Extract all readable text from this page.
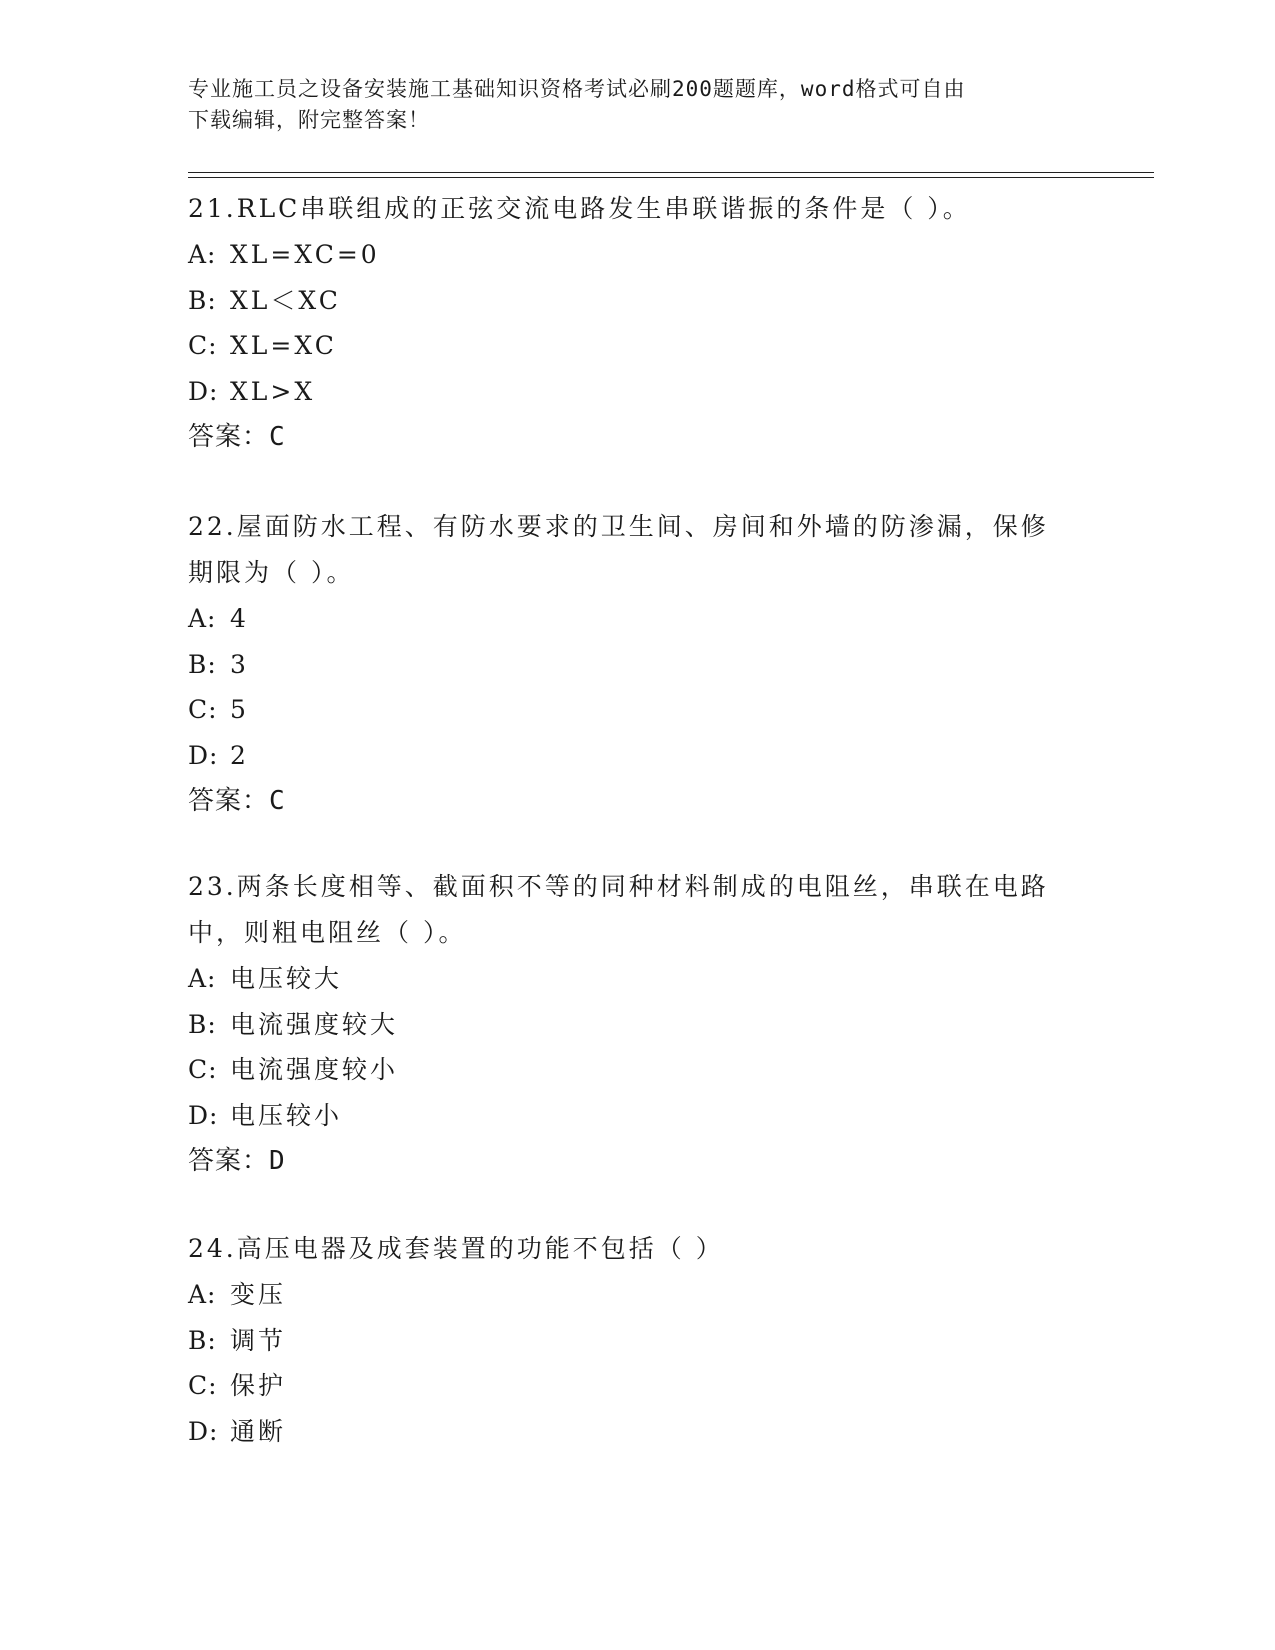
专业施工员之设备安装施工基础知识资格考试必刷200题题库，word格式可自由
下载编辑，附完整答案！

21.RLC串联组成的正弦交流电路发生串联谐振的条件是（ ）。

A: XL=XC=0

B: XL＜XC

C: XL=XC

D: XL>X

答案：C

22.屋面防水工程、有防水要求的卫生间、房间和外墙的防渗漏，保修

期限为（ ）。

A: 4

B: 3

C: 5

D: 2

答案：C

23.两条长度相等、截面积不等的同种材料制成的电阻丝，串联在电路

中，则粗电阻丝（ ）。

A: 电压较大

B: 电流强度较大

C: 电流强度较小

D: 电压较小

答案：D

24.高压电器及成套装置的功能不包括（ ）

A: 变压

B: 调节

C: 保护

D: 通断
